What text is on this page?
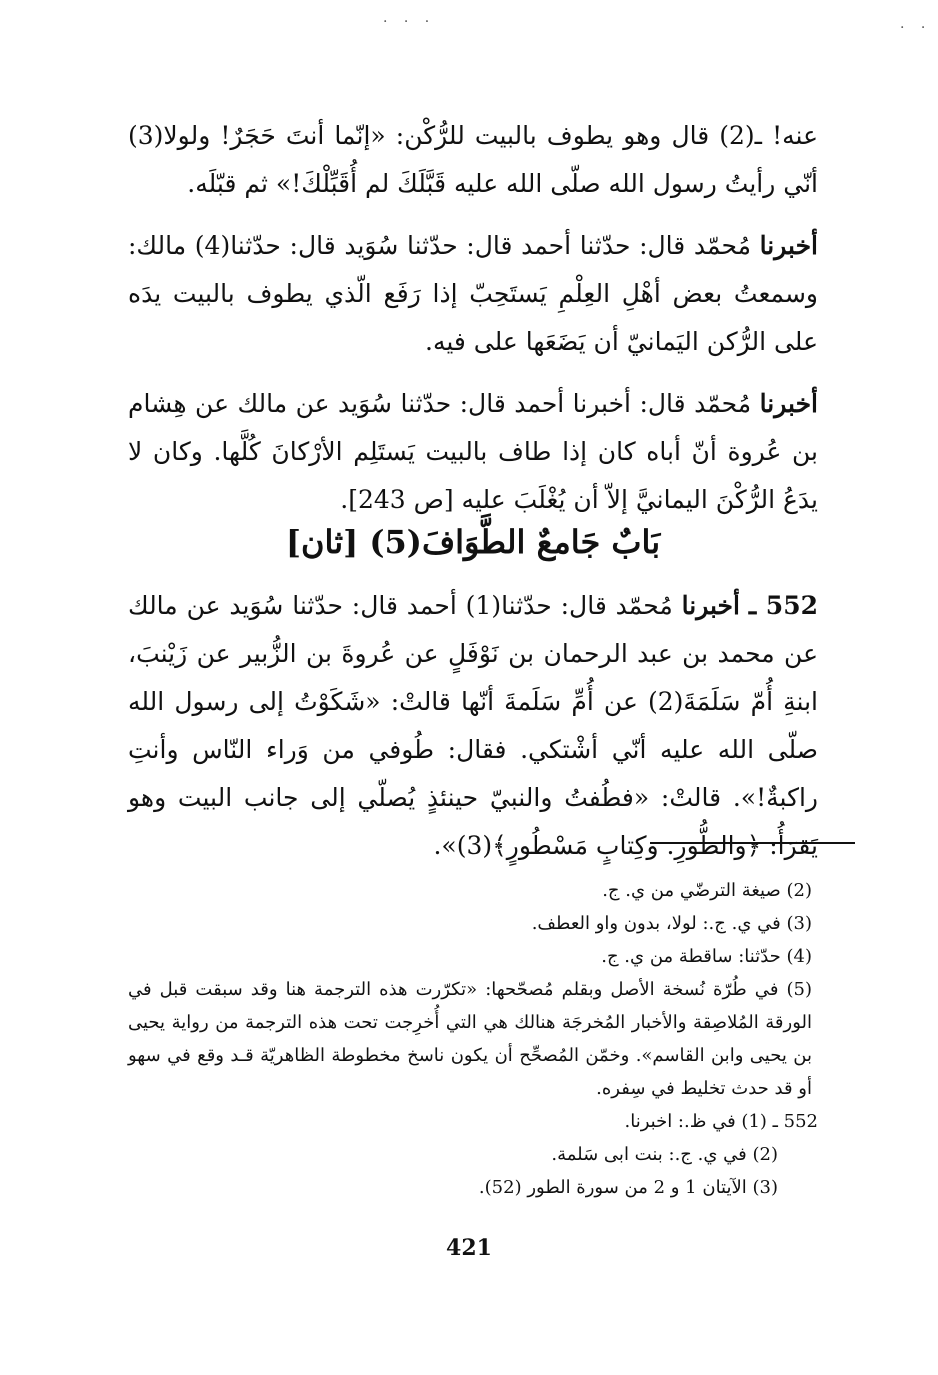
· · ·	· ·

عنه! ـ(2) قال وهو يطوف بالبيت للرُّكْن: «إنّما أنتَ حَجَرٌ! ولولا(3) أنّي رأيتُ رسول الله صلّى الله عليه قَبَّلَكَ لم أُقَبِّلْكَ!» ثم قبّلَه.

أخبرنا مُحمّد قال: حدّثنا أحمد قال: حدّثنا سُوَيد قال: حدّثنا(4) مالك: وسمعتُ بعض أهْلِ العِلْمِ يَستَحِبّ إذا رَفَع الّذي يطوف بالبيت يدَه على الرُّكن اليَمانيّ أن يَضَعَها على فيه.

أخبرنا مُحمّد قال: أخبرنا أحمد قال: حدّثنا سُوَيد عن مالك عن هِشام بن عُروة أنّ أباه كان إذا طاف بالبيت يَستَلِم الأرْكانَ كُلَّها. وكان لا يدَعُ الرُّكْنَ اليمانيَّ إلاّ أن يُغْلَبَ عليه [ص 243].

بَابٌ جَامعٌ الطَّوَافَ(5) [ثان]

552 ـ أخبرنا مُحمّد قال: حدّثنا(1) أحمد قال: حدّثنا سُوَيد عن مالك عن محمد بن عبد الرحمان بن نَوْفَلٍ عن عُروةَ بن الزُّبير عن زَيْنبَ، ابنةِ أُمّ سَلَمَةَ(2) عن أُمِّ سَلَمةَ أنّها قالتْ: «شَكَوْتُ إلى رسول الله صلّى الله عليه أنّي أشْتكي. فقال: طُوفي من وَراء النّاس وأنتِ راكبةٌ!». قالتْ: «فطُفتُ والنبيّ حينئذٍ يُصلّي إلى جانب البيت وهو يَقرَأُ: ﴿والطُّورِ. وكِتابٍ مَسْطُورٍ﴾(3)».

(2) صيغة الترضّي من ي. ج.

(3) في ي. ج.: لولا، بدون واو العطف.

(4) حدّثنا: ساقطة من ي. ج.

(5) في طُرّة نُسخة الأصل وبقلم مُصحّحها: «تكرّرت هذه الترجمة هنا وقد سبقت قبل في الورقة المُلاصِقة والأخبار المُخرجَة هنالك هي التي أُخرِجت تحت هذه الترجمة من رواية يحيى بن يحيى وابن القاسم». وخمّن المُصحِّح أن يكون ناسخ مخطوطة الظاهريّة قـد وقع في سهو أو قد حدث تخليط في سِفره.

552 ـ (1) في ظ.: اخبرنا.

(2) في ي. ج.: بنت ابى سَلمة.

(3) الآيتان 1 و 2 من سورة الطور (52).

421
